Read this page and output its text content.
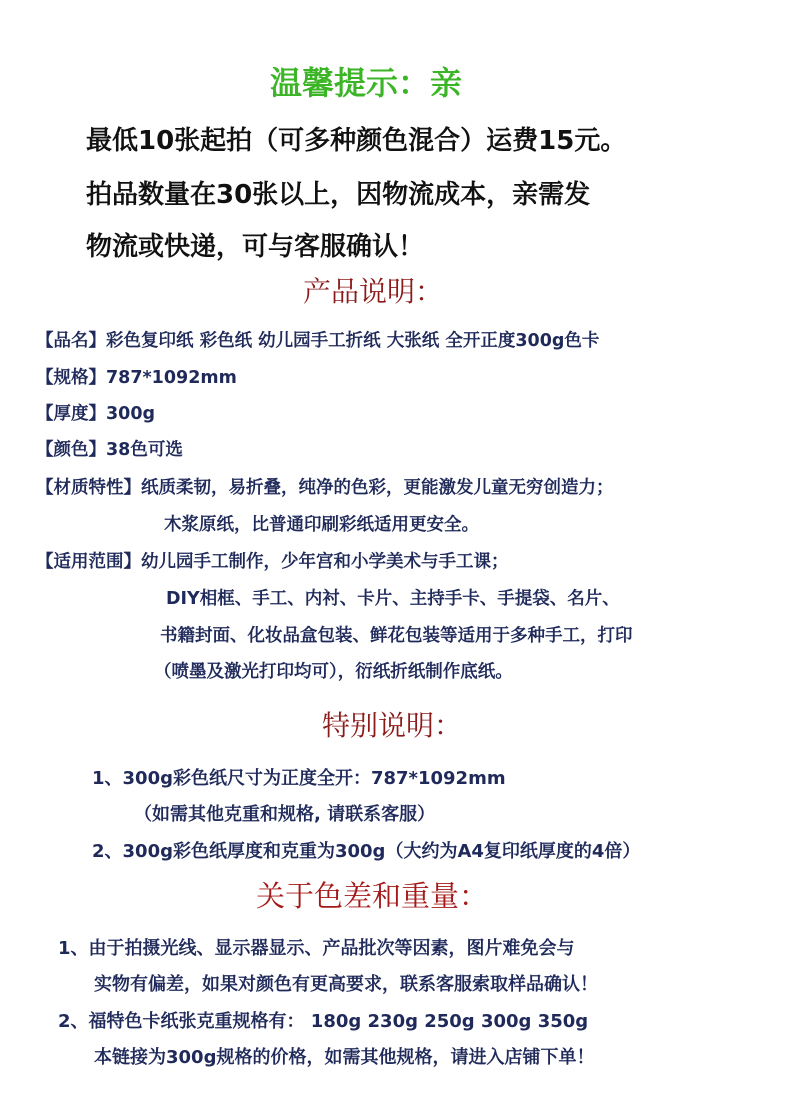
温馨提示：亲
最低10张起拍（可多种颜色混合）运费15元。
拍品数量在30张以上，因物流成本，亲需发
物流或快递，可与客服确认！
产品说明：
【品名】彩色复印纸 彩色纸 幼儿园手工折纸 大张纸 全开正度300g色卡
【规格】787*1092mm
【厚度】300g
【颜色】38色可选
【材质特性】纸质柔韧，易折叠，纯净的色彩，更能激发儿童无穷创造力；
木浆原纸，比普通印刷彩纸适用更安全。
【适用范围】幼儿园手工制作，少年宫和小学美术与手工课；
DIY相框、手工、内衬、卡片、主持手卡、手提袋、名片、
书籍封面、化妆品盒包装、鲜花包装等适用于多种手工，打印
（喷墨及激光打印均可），衍纸折纸制作底纸。
特别说明：
1、300g彩色纸尺寸为正度全开：787*1092mm
（如需其他克重和规格, 请联系客服）
2、300g彩色纸厚度和克重为300g（大约为A4复印纸厚度的4倍）
关于色差和重量：
1、由于拍摄光线、显示器显示、产品批次等因素，图片难免会与
实物有偏差，如果对颜色有更高要求，联系客服索取样品确认！
2、福特色卡纸张克重规格有： 180g 230g 250g 300g 350g
本链接为300g规格的价格，如需其他规格，请进入店铺下单！
